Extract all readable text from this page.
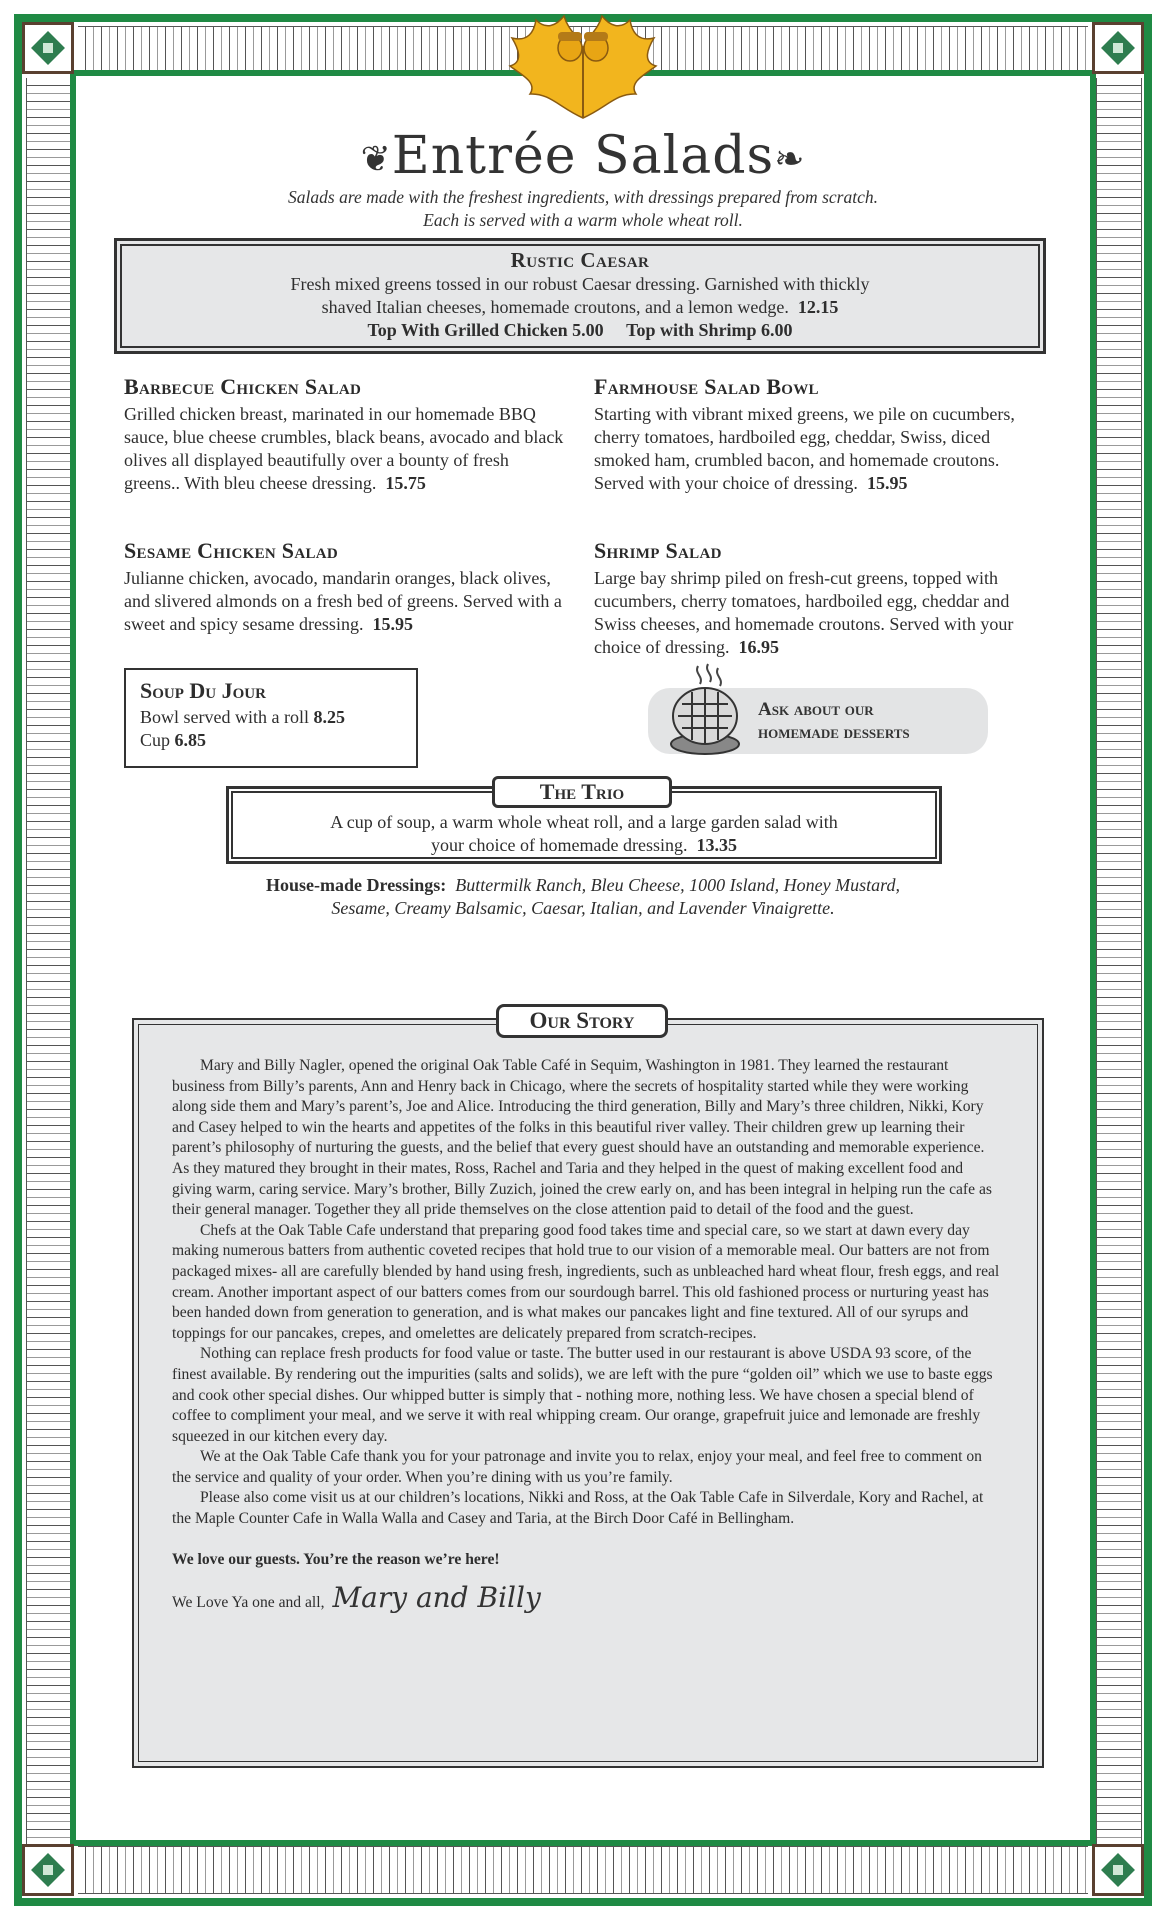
❦Entrée Salads❧
Salads are made with the freshest ingredients, with dressings prepared from scratch.
Each is served with a warm whole wheat roll.
Rustic Caesar

Fresh mixed greens tossed in our robust Caesar dressing. Garnished with thickly

shaved Italian cheeses, homemade croutons, and a lemon wedge. 12.15

Top With Grilled Chicken 5.00 Top with Shrimp 6.00

Barbecue Chicken Salad

Grilled chicken breast, marinated in our homemade BBQ sauce, blue cheese crumbles, black beans, avocado and black olives all displayed beautifully over a bounty of fresh greens.. With bleu cheese dressing. 15.75

Farmhouse Salad Bowl

Starting with vibrant mixed greens, we pile on cucumbers, cherry tomatoes, hardboiled egg, cheddar, Swiss, diced smoked ham, crumbled bacon, and homemade croutons. Served with your choice of dressing. 15.95

Sesame Chicken Salad

Julianne chicken, avocado, mandarin oranges, black olives, and slivered almonds on a fresh bed of greens. Served with a sweet and spicy sesame dressing. 15.95

Shrimp Salad

Large bay shrimp piled on fresh-cut greens, topped with cucumbers, cherry tomatoes, hardboiled egg, cheddar and Swiss cheeses, and homemade croutons. Served with your choice of dressing. 16.95

Soup Du Jour

Bowl served with a roll 8.25

Cup 6.85

Ask about our
homemade desserts

A cup of soup, a warm whole wheat roll, and a large garden salad with

your choice of homemade dressing. 13.35

The Trio
House-made Dressings: Buttermilk Ranch, Bleu Cheese, 1000 Island, Honey Mustard,
Sesame, Creamy Balsamic, Caesar, Italian, and Lavender Vinaigrette.

Mary and Billy Nagler, opened the original Oak Table Café in Sequim, Washington in 1981. They learned the restaurant business from Billy’s parents, Ann and Henry back in Chicago, where the secrets of hospitality started while they were working along side them and Mary’s parent’s, Joe and Alice. Introducing the third generation, Billy and Mary’s three children, Nikki, Kory and Casey helped to win the hearts and appetites of the folks in this beautiful river valley. Their children grew up learning their parent’s philosophy of nurturing the guests, and the belief that every guest should have an outstanding and memorable experience. As they matured they brought in their mates, Ross, Rachel and Taria and they helped in the quest of making excellent food and giving warm, caring service. Mary’s brother, Billy Zuzich, joined the crew early on, and has been integral in helping run the cafe as their general manager. Together they all pride themselves on the close attention paid to detail of the food and the guest.

Chefs at the Oak Table Cafe understand that preparing good food takes time and special care, so we start at dawn every day making numerous batters from authentic coveted recipes that hold true to our vision of a memorable meal. Our batters are not from packaged mixes- all are carefully blended by hand using fresh, ingredients, such as unbleached hard wheat flour, fresh eggs, and real cream. Another important aspect of our batters comes from our sourdough barrel. This old fashioned process or nurturing yeast has been handed down from generation to generation, and is what makes our pancakes light and fine textured. All of our syrups and toppings for our pancakes, crepes, and omelettes are delicately prepared from scratch-recipes.

Nothing can replace fresh products for food value or taste. The butter used in our restaurant is above USDA 93 score, of the finest available. By rendering out the impurities (salts and solids), we are left with the pure “golden oil” which we use to baste eggs and cook other special dishes. Our whipped butter is simply that - nothing more, nothing less. We have chosen a special blend of coffee to compliment your meal, and we serve it with real whipping cream. Our orange, grapefruit juice and lemonade are freshly squeezed in our kitchen every day.

We at the Oak Table Cafe thank you for your patronage and invite you to relax, enjoy your meal, and feel free to comment on the service and quality of your order. When you’re dining with us you’re family.

Please also come visit us at our children’s locations, Nikki and Ross, at the Oak Table Cafe in Silverdale, Kory and Rachel, at the Maple Counter Cafe in Walla Walla and Casey and Taria, at the Birch Door Café in Bellingham.

We love our guests. You’re the reason we’re here!

We Love Ya one and all, Mary and Billy

Our Story
